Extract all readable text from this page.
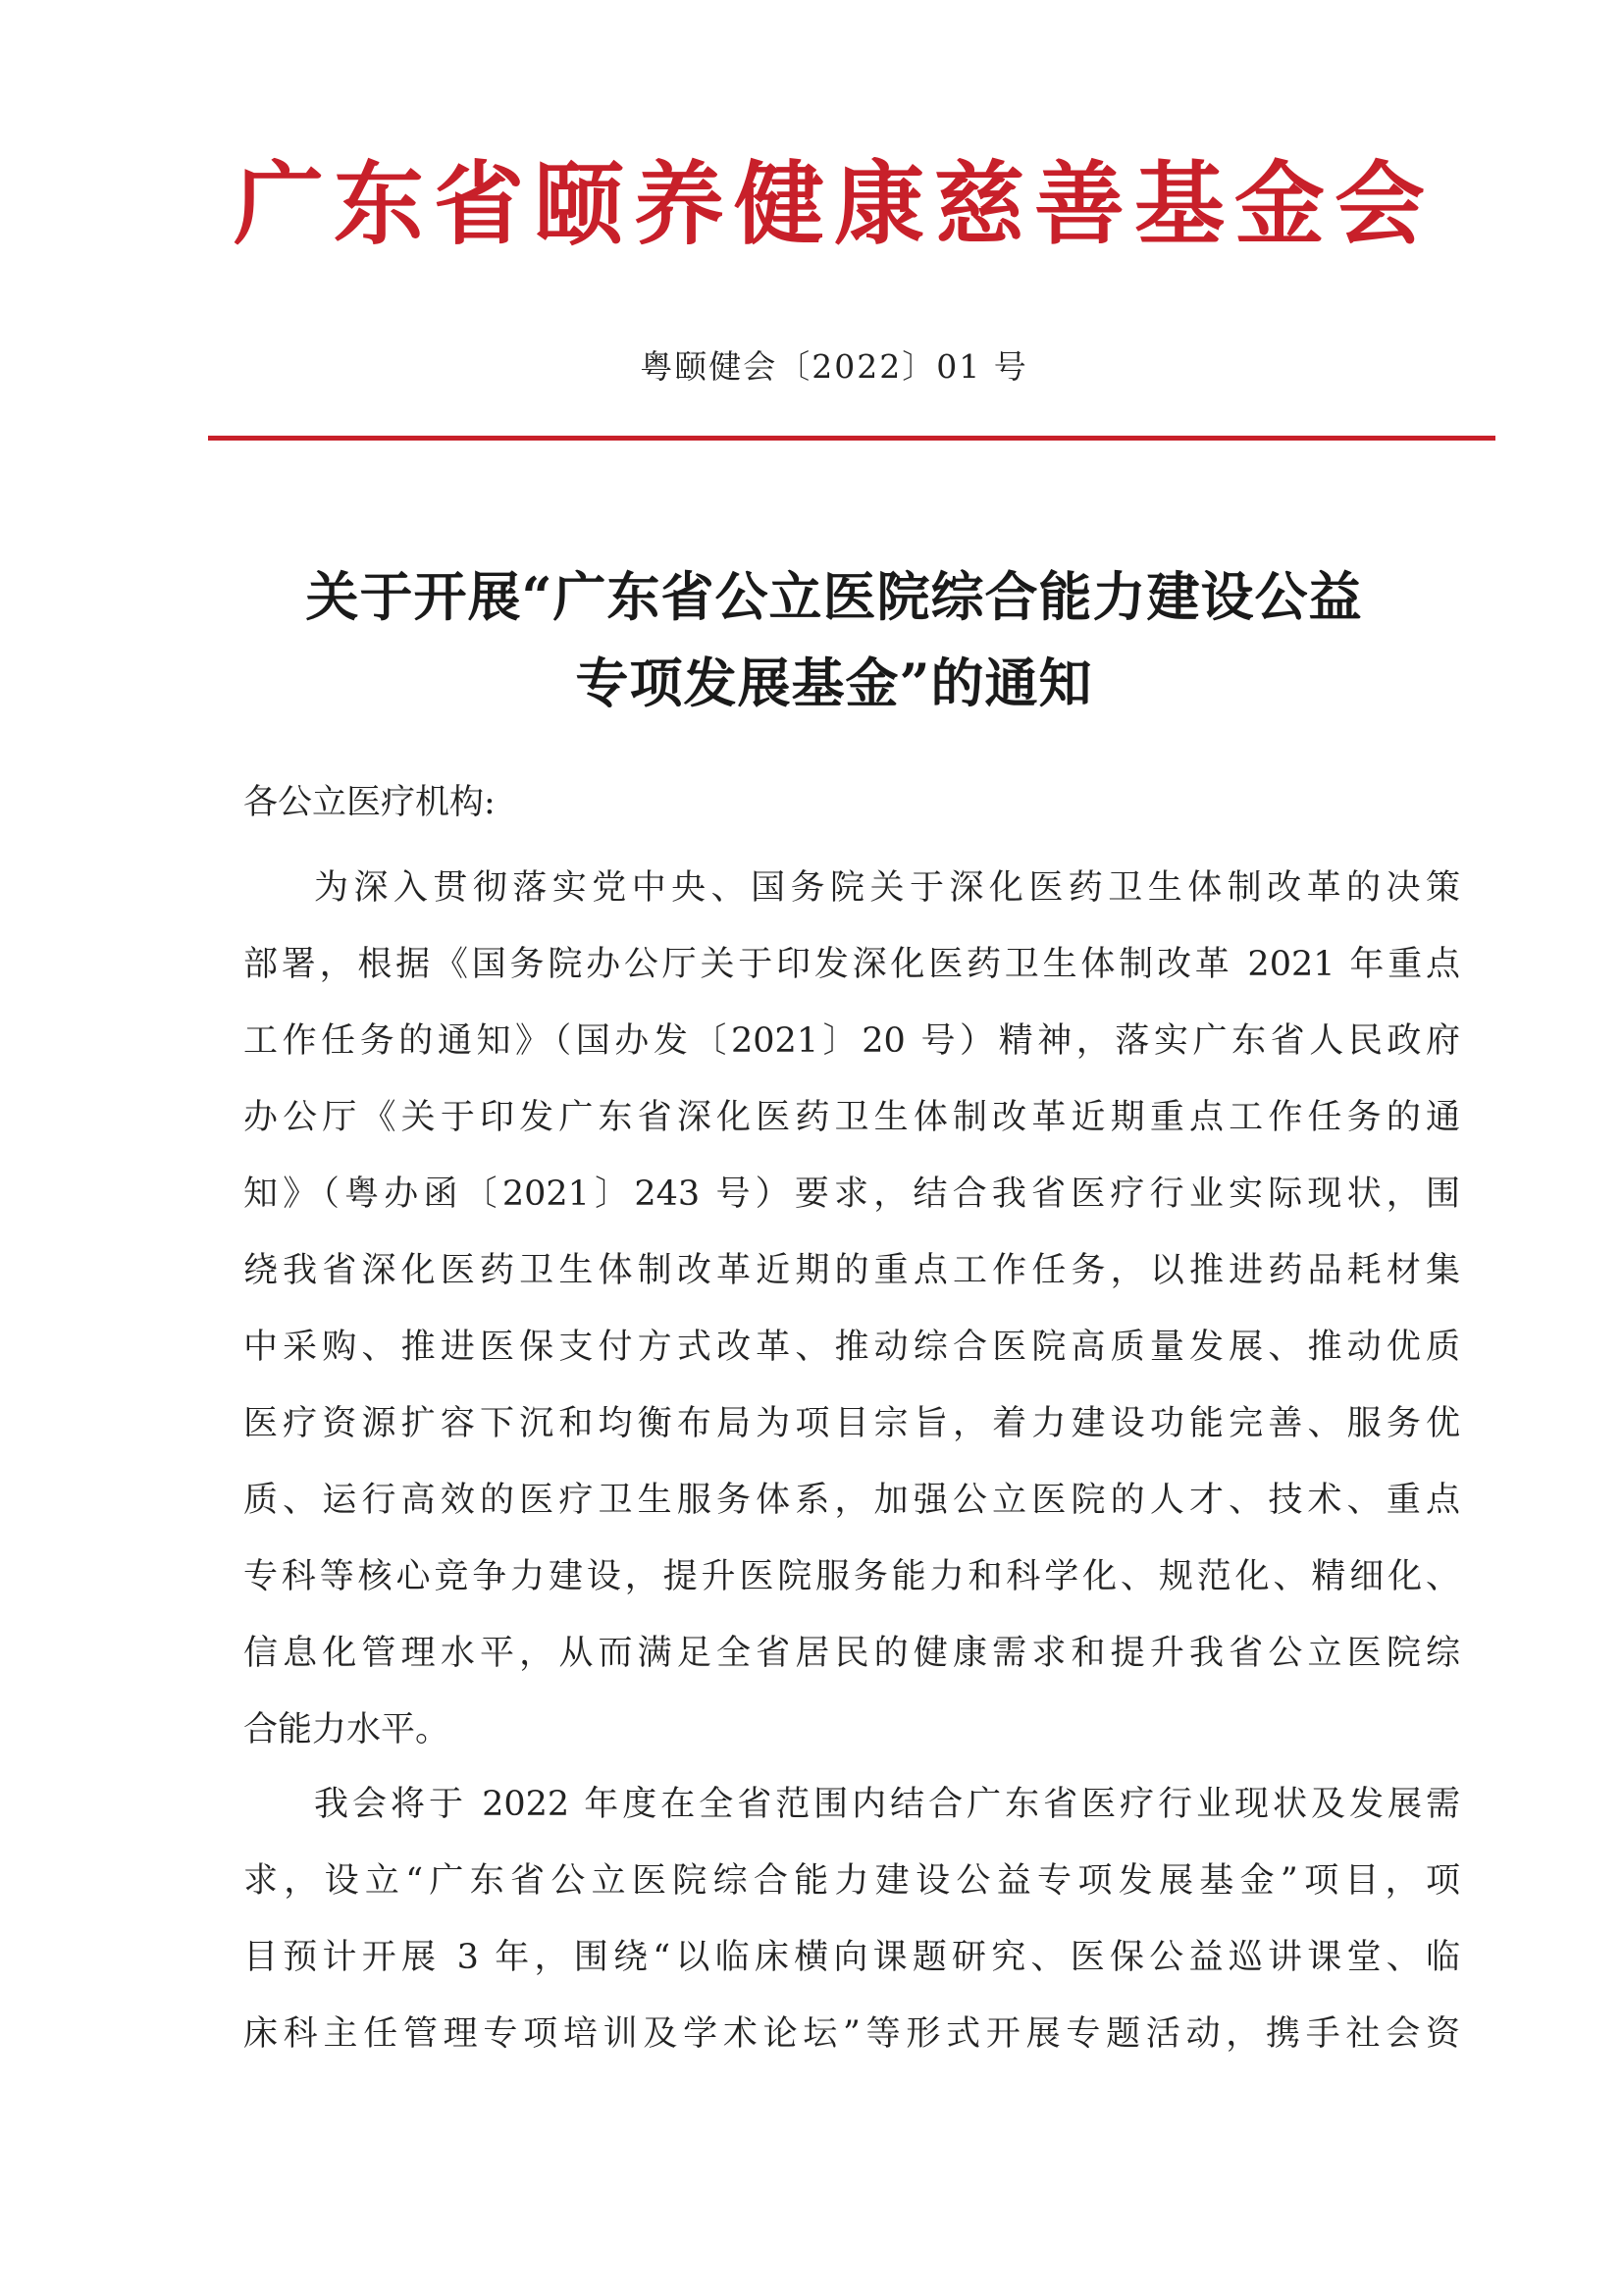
广东省颐养健康慈善基金会
粤颐健会〔2022〕01 号
关于开展“广东省公立医院综合能力建设公益
专项发展基金”的通知
各公立医疗机构:
为深入贯彻落实党中央、国务院关于深化医药卫生体制改革的决策
部署，根据《国务院办公厅关于印发深化医药卫生体制改革 2021 年重点
工作任务的通知》（国办发〔2021〕20 号）精神，落实广东省人民政府
办公厅《关于印发广东省深化医药卫生体制改革近期重点工作任务的通
知》（粤办函〔2021〕243 号）要求，结合我省医疗行业实际现状，围
绕我省深化医药卫生体制改革近期的重点工作任务，以推进药品耗材集
中采购、推进医保支付方式改革、推动综合医院高质量发展、推动优质
医疗资源扩容下沉和均衡布局为项目宗旨，着力建设功能完善、服务优
质、运行高效的医疗卫生服务体系，加强公立医院的人才、技术、重点
专科等核心竞争力建设，提升医院服务能力和科学化、规范化、精细化、
信息化管理水平，从而满足全省居民的健康需求和提升我省公立医院综
合能力水平。
我会将于 2022 年度在全省范围内结合广东省医疗行业现状及发展需
求，设立“广东省公立医院综合能力建设公益专项发展基金”项目，项
目预计开展 3 年，围绕“以临床横向课题研究、医保公益巡讲课堂、临
床科主任管理专项培训及学术论坛”等形式开展专题活动，携手社会资
